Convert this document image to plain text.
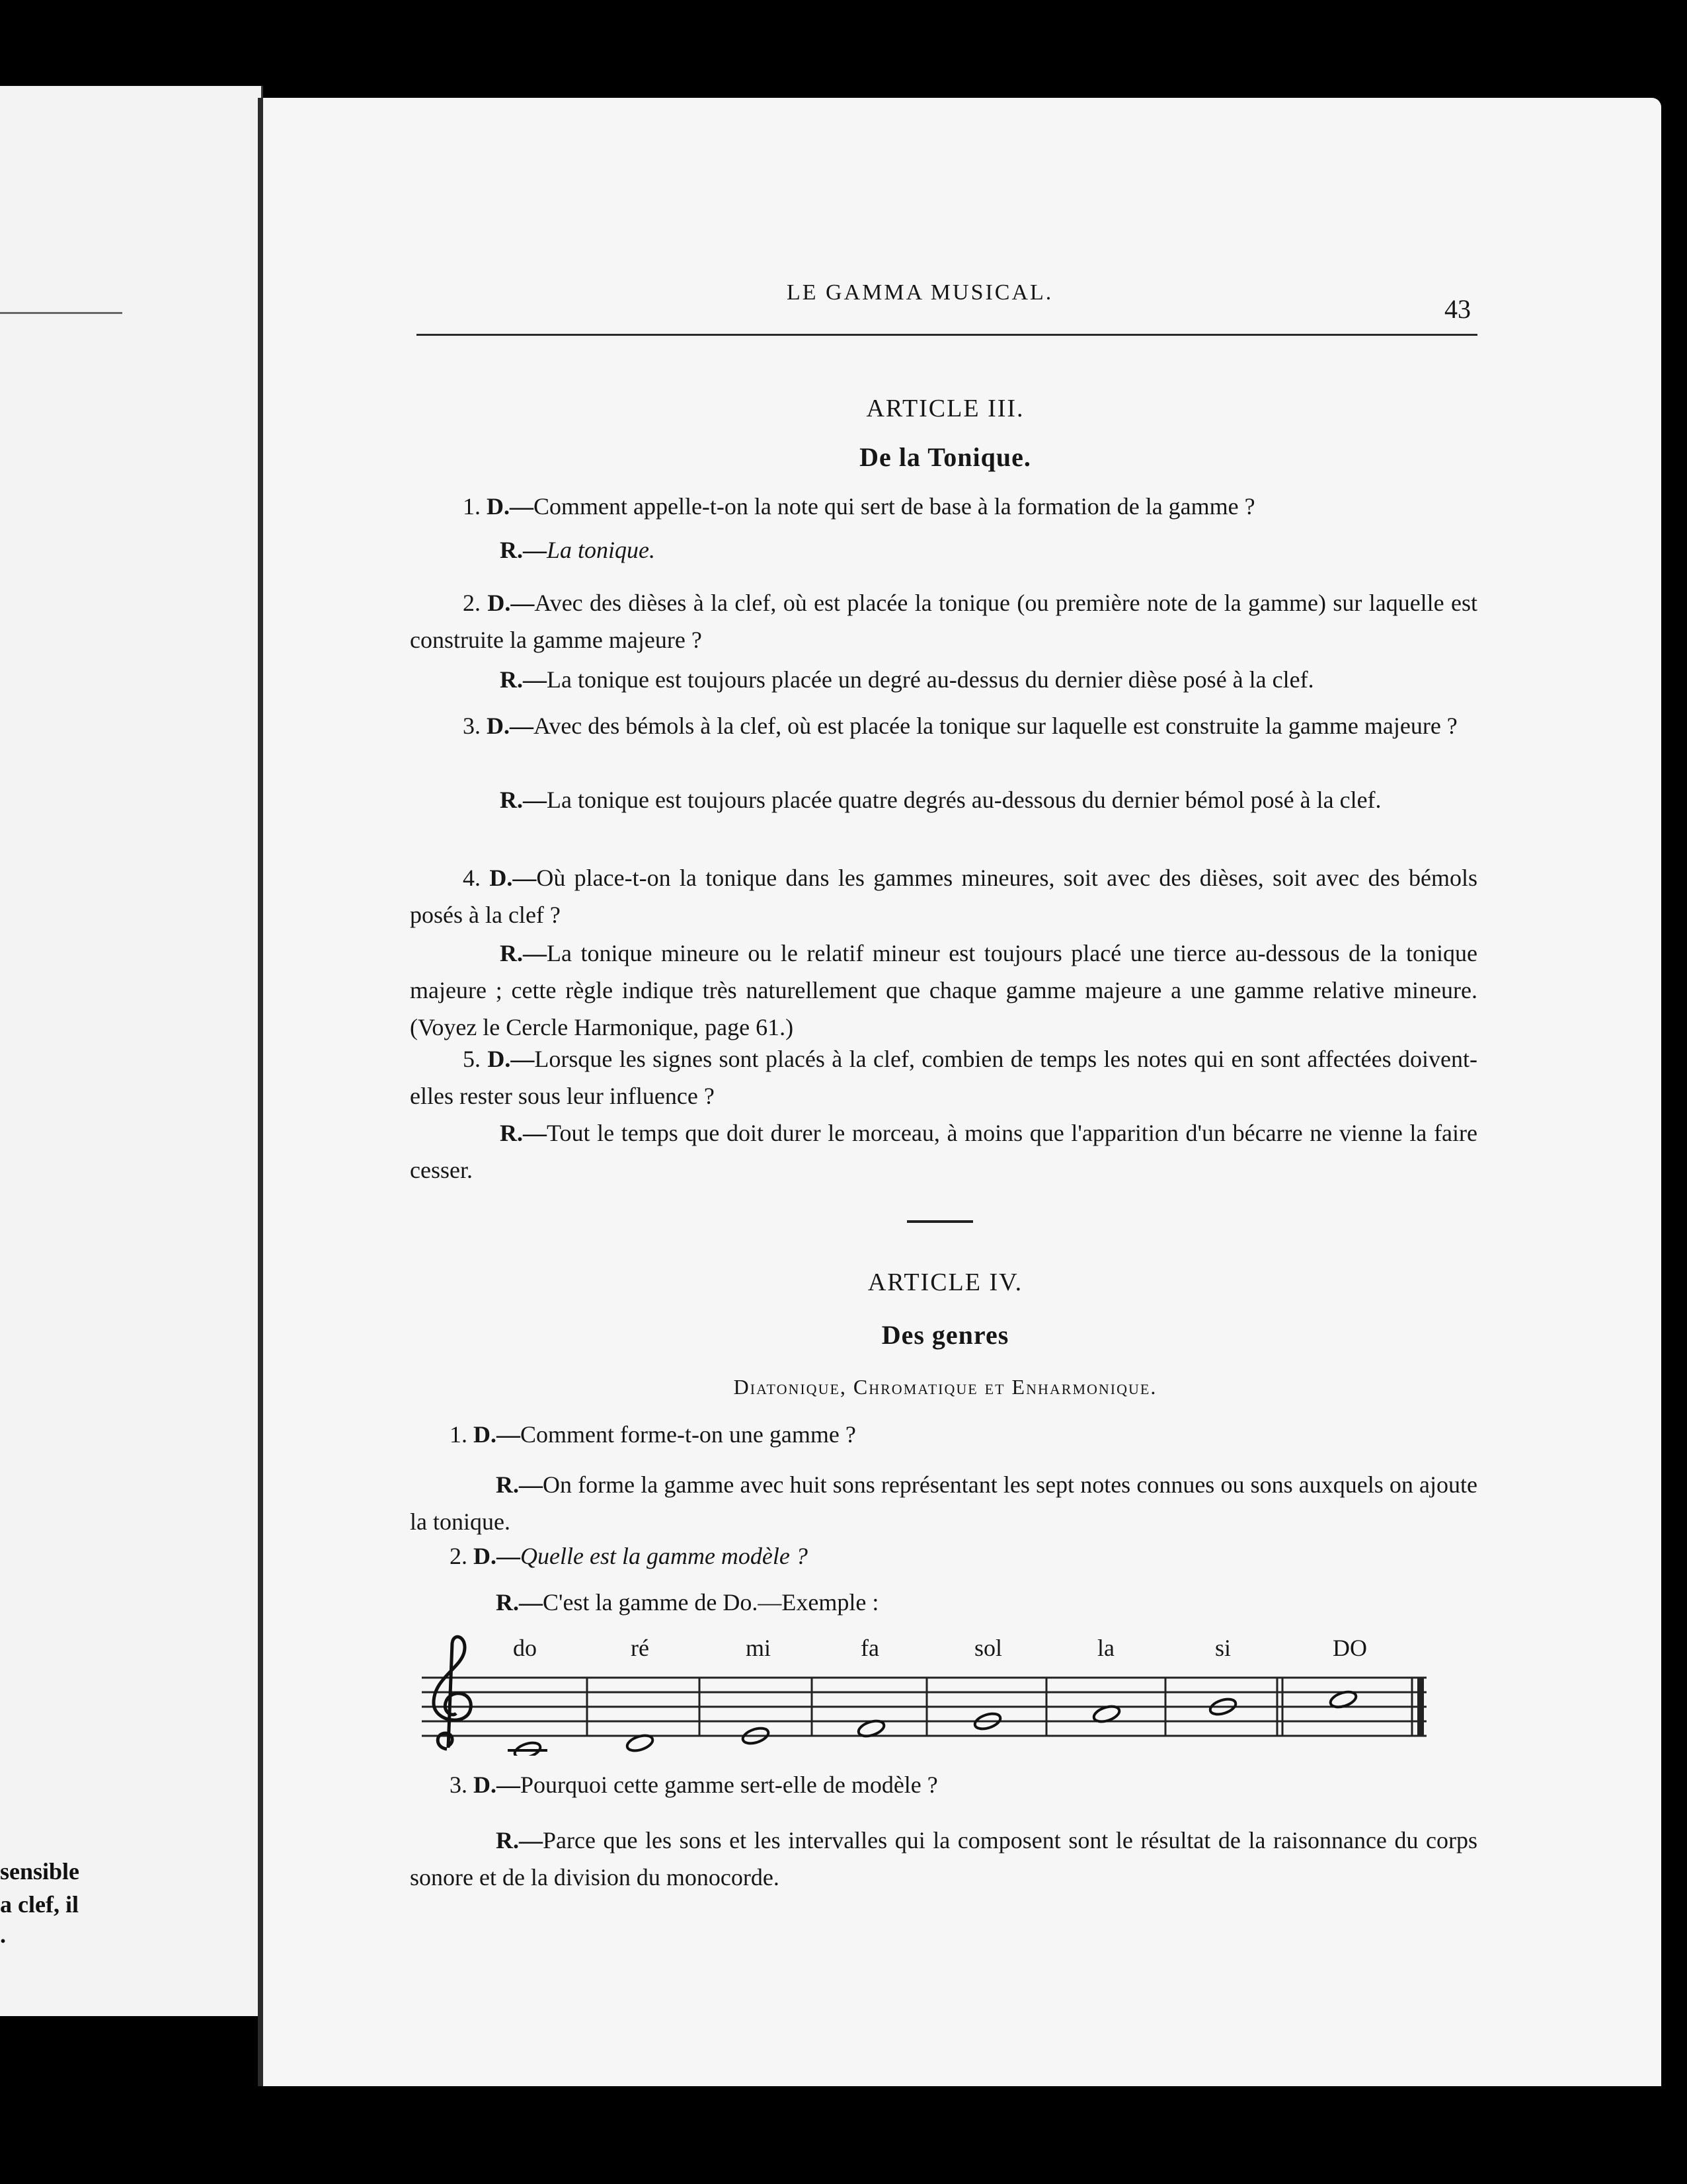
sensible
a clef, il
.
LE GAMMA MUSICAL.
43
ARTICLE III.
De la Tonique.
1. D.—Comment appelle-t-on la note qui sert de base à la formation de la gamme ?
R.—La tonique.
2. D.—Avec des dièses à la clef, où est placée la tonique (ou première note de la gamme) sur laquelle est construite la gamme majeure ?
R.—La tonique est toujours placée un degré au-dessus du dernier dièse posé à la clef.
3. D.—Avec des bémols à la clef, où est placée la tonique sur laquelle est construite la gamme majeure ?
R.—La tonique est toujours placée quatre degrés au-dessous du dernier bémol posé à la clef.
4. D.—Où place-t-on la tonique dans les gammes mineures, soit avec des dièses, soit avec des bémols posés à la clef ?
R.—La tonique mineure ou le relatif mineur est toujours placé une tierce au-dessous de la tonique majeure ; cette règle indique très naturellement que chaque gamme majeure a une gamme relative mineure. (Voyez le Cercle Harmonique, page 61.)
5. D.—Lorsque les signes sont placés à la clef, combien de temps les notes qui en sont affectées doivent-elles rester sous leur influence ?
R.—Tout le temps que doit durer le morceau, à moins que l'apparition d'un bécarre ne vienne la faire cesser.
ARTICLE IV.
Des genres
Diatonique, Chromatique et Enharmonique.
1. D.—Comment forme-t-on une gamme ?
R.—On forme la gamme avec huit sons représentant les sept notes connues ou sons auxquels on ajoute la tonique.
2. D.—Quelle est la gamme modèle ?
R.—C'est la gamme de Do.—Exemple :
do	ré	mi	fa	sol	la	si	DO
3. D.—Pourquoi cette gamme sert-elle de modèle ?
R.—Parce que les sons et les intervalles qui la composent sont le résultat de la raisonnance du corps sonore et de la division du monocorde.
